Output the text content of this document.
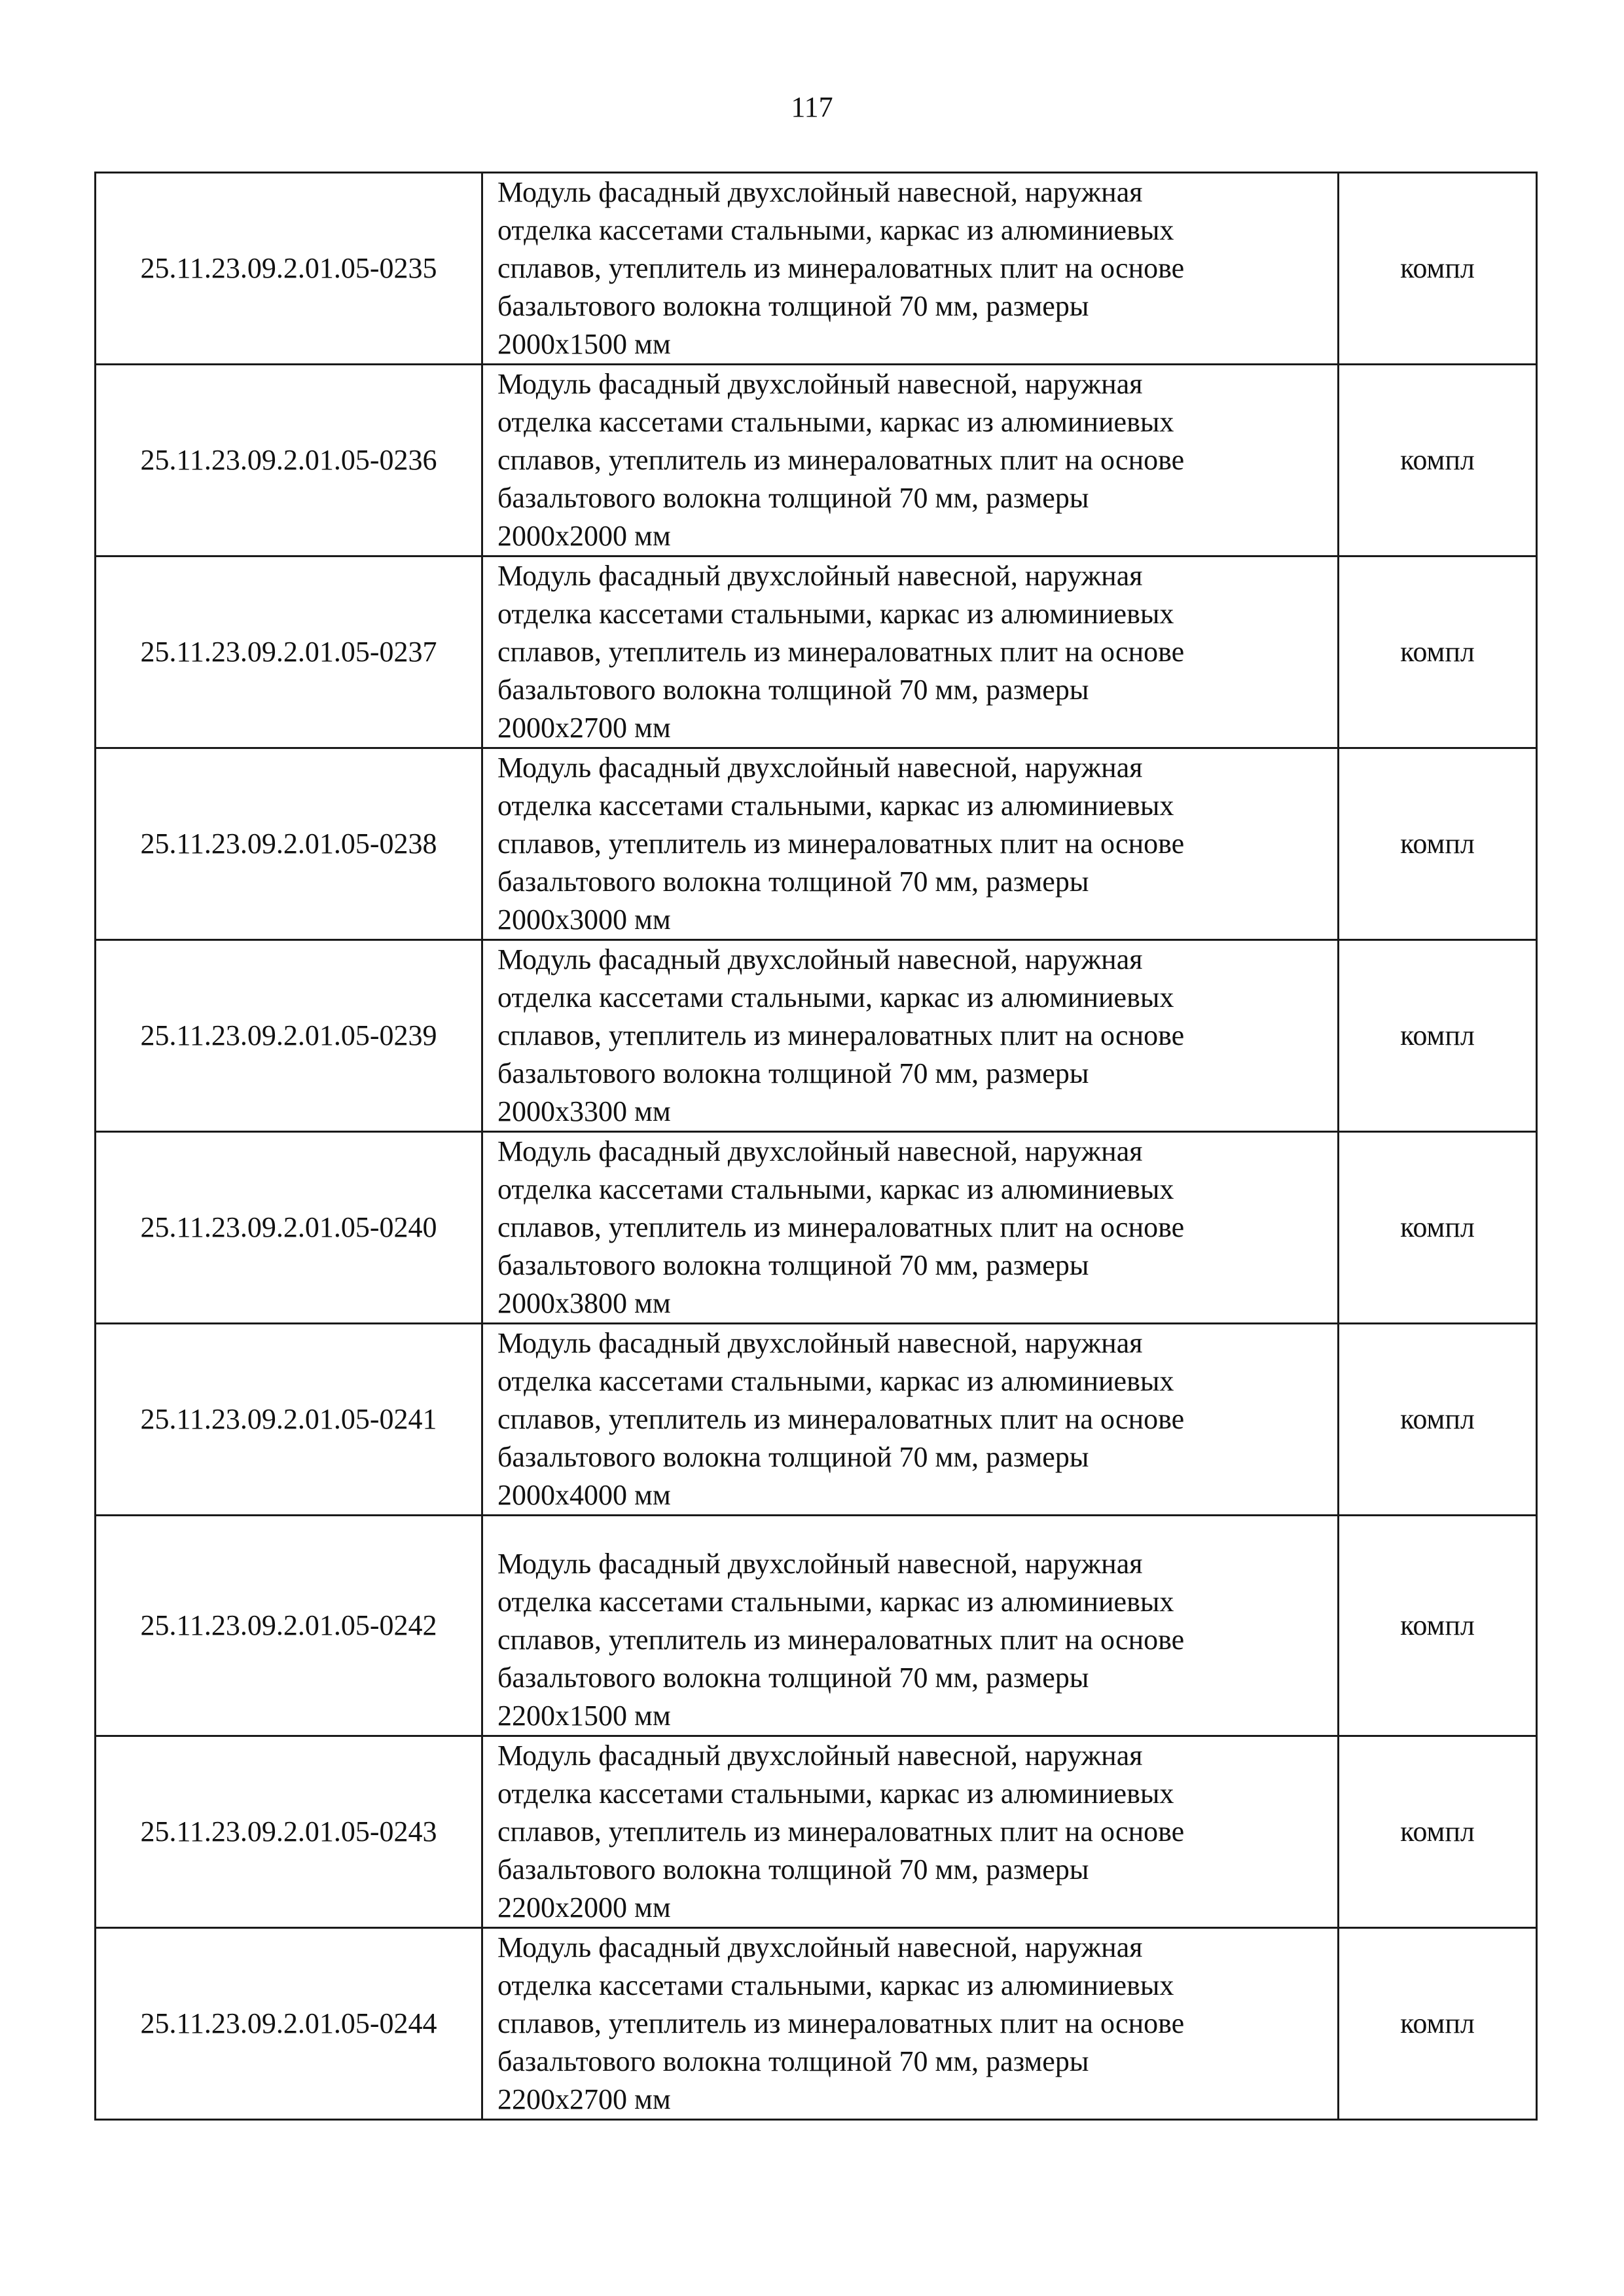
117
25.11.23.09.2.01.05-0235	Модуль фасадный двухслойный навесной, наружная
отделка кассетами стальными, каркас из алюминиевых
сплавов, утеплитель из минераловатных плит на основе
базальтового волокна толщиной 70 мм, размеры
2000x1500 мм	компл
25.11.23.09.2.01.05-0236	Модуль фасадный двухслойный навесной, наружная
отделка кассетами стальными, каркас из алюминиевых
сплавов, утеплитель из минераловатных плит на основе
базальтового волокна толщиной 70 мм, размеры
2000x2000 мм	компл
25.11.23.09.2.01.05-0237	Модуль фасадный двухслойный навесной, наружная
отделка кассетами стальными, каркас из алюминиевых
сплавов, утеплитель из минераловатных плит на основе
базальтового волокна толщиной 70 мм, размеры
2000x2700 мм	компл
25.11.23.09.2.01.05-0238	Модуль фасадный двухслойный навесной, наружная
отделка кассетами стальными, каркас из алюминиевых
сплавов, утеплитель из минераловатных плит на основе
базальтового волокна толщиной 70 мм, размеры
2000x3000 мм	компл
25.11.23.09.2.01.05-0239	Модуль фасадный двухслойный навесной, наружная
отделка кассетами стальными, каркас из алюминиевых
сплавов, утеплитель из минераловатных плит на основе
базальтового волокна толщиной 70 мм, размеры
2000x3300 мм	компл
25.11.23.09.2.01.05-0240	Модуль фасадный двухслойный навесной, наружная
отделка кассетами стальными, каркас из алюминиевых
сплавов, утеплитель из минераловатных плит на основе
базальтового волокна толщиной 70 мм, размеры
2000x3800 мм	компл
25.11.23.09.2.01.05-0241	Модуль фасадный двухслойный навесной, наружная
отделка кассетами стальными, каркас из алюминиевых
сплавов, утеплитель из минераловатных плит на основе
базальтового волокна толщиной 70 мм, размеры
2000x4000 мм	компл
25.11.23.09.2.01.05-0242	Модуль фасадный двухслойный навесной, наружная
отделка кассетами стальными, каркас из алюминиевых
сплавов, утеплитель из минераловатных плит на основе
базальтового волокна толщиной 70 мм, размеры
2200x1500 мм	компл
25.11.23.09.2.01.05-0243	Модуль фасадный двухслойный навесной, наружная
отделка кассетами стальными, каркас из алюминиевых
сплавов, утеплитель из минераловатных плит на основе
базальтового волокна толщиной 70 мм, размеры
2200x2000 мм	компл
25.11.23.09.2.01.05-0244	Модуль фасадный двухслойный навесной, наружная
отделка кассетами стальными, каркас из алюминиевых
сплавов, утеплитель из минераловатных плит на основе
базальтового волокна толщиной 70 мм, размеры
2200x2700 мм	компл
